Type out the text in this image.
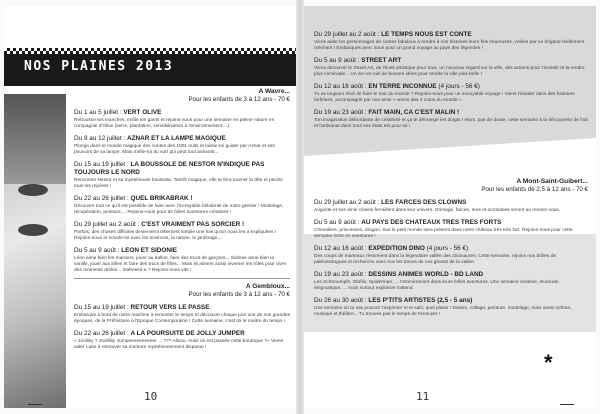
NOS PLAINES 2013
A Wavre...
Pour les enfants de 3 à 12 ans - 70 €
Du 1 au 5 juillet : VERT OLIVE
Retrousse tes manches, enfile tes gants et rejoins-nous pour une semaine en pleine nature en compagnie d'Olive (serre, plantation, sensibilisation à l'environnement,...).
Du 8 au 12 juillet : AZNAR ET LA LAMPE MAGIQUE
Plonge dans le monde magique des contes des 1001 nuits et laisse-toi guider par Aznar et ses pouvoirs de sa lampe. Mais méfie-toi du sort qui peut tout anéantir...
Du 15 au 19 juillet : LA BOUSSOLE DE NESTOR N'INDIQUE PAS TOUJOURS LE NORD
Rencontre Nestor et sa mystérieuse boussole. Tantôt magique, elle te fera tourner la tête et perdre tous tes repères !
Du 22 au 26 juillet : QUEL BRIKABRAK !
Découvre tout ce qu'il est possible de faire avec l'incroyable brikabrak de notre grenier ! Modelage, récupération, peinture,... Rejoins-nous pour de folles aventures créatives !
Du 29 juillet au 2 août : C'EST VRAIMENT PAS SORCIER !
Parfois, des choses difficiles deviennent tellement simple une fois qu'on nous les a expliquées ! Rejoins-nous et envole-toi avec les sciences, la nature, le jardinage,...
Du 5 au 9 août : LEON ET SIDONIE
Léon aime bien les maisons, jouer au ballon, faire des trucs de garçons... Sidonie aime bien la vanille, jouer aux billes et faire des trucs de filles... Mais ils aiment aussi inverser les rôles pour vivre des moments drôles... Intéressé-e ? Rejoins-nous vite !
A Gembloux...
Pour les enfants de 3 à 12 ans - 70 €
Du 15 au 19 juillet : RETOUR VERS LE PASSE
Embarque à bord de notre machine à remonter le temps et découvre chaque jour une de nos grandes époques, de la Préhistoire à l'Epoque Contemporaine ! Cette semaine, c'est toi le maître du temps !
Du 22 au 26 juillet : A LA POURSUITE DE JOLLY JUMPER
« Jooliiiiy ? Joollliiiy Jumpeeeeeeeeeer ... ??? Allooo, mais où est passée cette bourrique ?» Viens aider Luke à retrouver sa monture mystérieusement disparue !
10
Du 29 juillet au 2 août : LE TEMPS NOUS EST CONTE
Viens aider les personnages de contes fabuleux à rendre à nos histoires leurs fins heureuses, volées par un brigand réellement méchant ! Embarques avec nous pour un grand voyage au pays des légendes !
Du 5 au 9 août : STREET ART
Viens découvrir le Street Art, de l'éveil artistique pour tous, un nouveau regard sur la ville, des actions pour t'investir et la rendre plus conviviale... Un arc-en-ciel de bonnes idées pour rendre la ville plus belle !
Du 12 au 16 août : EN TERRE INCONNUE (4 jours - 56 €)
Tu as toujours rêvé de faire le tour du monde ? Rejoins-nous pour un incroyable voyage ! Viens t'évader dans des histoires farfelues, accompagné par nos amis « venus des 4 coins du monde ».
Du 19 au 23 août : FAIT MAIN, CA C'EST MALIN !
Ton imagination débordante de créativité et ça te démange les doigts ! Alors, pas de doute, cette semaine à la découverte de l'art et l'artisanat dans tous ses états est pour toi !
A Mont-Saint-Guibert...
Pour les enfants de 2,5 à 12 ans - 70 €
Du 29 juillet au 2 août : LES FARCES DES CLOWNS
Auguste et ses amis clowns ferraillent dans leur univers. Grimage, farces, rires et acrobaties seront au rendez-vous.
Du 5 au 9 août : AU PAYS DES CHATEAUX TRES TRES FORTS
Chevaliers, princesses, dragon, tout le petit monde sera présent dans notre château très très fort. Rejoins-nous pour cette semaine riche en aventures !
Du 12 au 16 août : EXPEDITION DINO (4 jours - 56 €)
Des coups de marteaux résonnent dans la légendaire vallée des dinosaures. Cette semaine, rejoins nos drôles de paléontologues et recherche avec eux les traces de ces géants de la vallée.
Du 19 au 23 août : DESSINS ANIMES WORLD - BD LAND
Les Schtroumpfs, Obélix, Spiderman, ... t'emmèneront dans leurs folles aventures. Une semaine créative, musicale, énigmatique, ... mais surtout explosive t'attend.
Du 26 au 30 août : LES P'TITS ARTISTES (2,5 - 5 ans)
Une semaine où tu vas pouvoir t'exprimer et te salir, quel plaisir ! Dessin, collage, peinture, modelage, mais aussi rythme, musique et théâtre... Tu trouves pas le temps de t'ennuyer !
*
11
